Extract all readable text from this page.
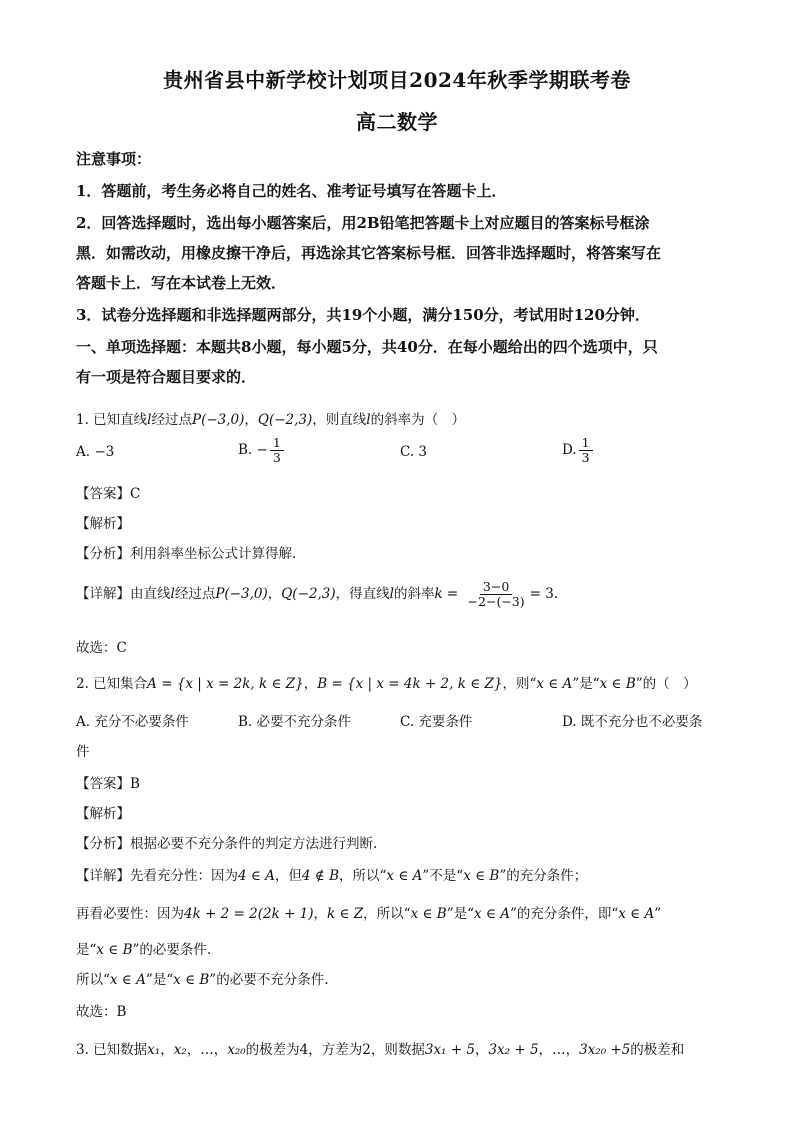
贵州省县中新学校计划项目2024年秋季学期联考卷
高二数学
注意事项：
1．答题前，考生务必将自己的姓名、准考证号填写在答题卡上．
2．回答选择题时，选出每小题答案后，用2B铅笔把答题卡上对应题目的答案标号框涂
黑．如需改动，用橡皮擦干净后，再选涂其它答案标号框．回答非选择题时，将答案写在
答题卡上．写在本试卷上无效．
3．试卷分选择题和非选择题两部分，共19个小题，满分150分，考试用时120分钟．
一、单项选择题：本题共8小题，每小题5分，共40分．在每小题给出的四个选项中，只
有一项是符合题目要求的．
1. 已知直线l经过点P(−3,0)，Q(−2,3)，则直线l的斜率为（　）
A. −3	B. − $\frac{1}{3}$	C. 3	D. $\frac{1}{3}$
【答案】C
【解析】
【分析】利用斜率坐标公式计算得解.
【详解】由直线l经过点P(−3,0)，Q(−2,3)，得直线l的斜率$k = \frac{3-0}{-2-(-3)} = 3$.
故选：C
2. 已知集合A = {x | x = 2k, k ∈ Z}，B = {x | x = 4k + 2, k ∈ Z}，则“x ∈ A”是“x ∈ B”的（　）
A. 充分不必要条件	B. 必要不充分条件	C. 充要条件	D. 既不充分也不必要条
件
【答案】B
【解析】
【分析】根据必要不充分条件的判定方法进行判断.
【详解】先看充分性：因为4 ∈ A，但4 ∉ B，所以“x ∈ A”不是“x ∈ B”的充分条件；
再看必要性：因为4k + 2 = 2(2k + 1)，k ∈ Z，所以“x ∈ B”是“x ∈ A”的充分条件，即“x ∈ A”
是“x ∈ B”的必要条件.
所以“x ∈ A”是“x ∈ B”的必要不充分条件.
故选：B
3. 已知数据x₁，x₂，…，x₂₀的极差为4，方差为2，则数据3x₁ + 5，3x₂ + 5，…，3x₂₀ +5的极差和
